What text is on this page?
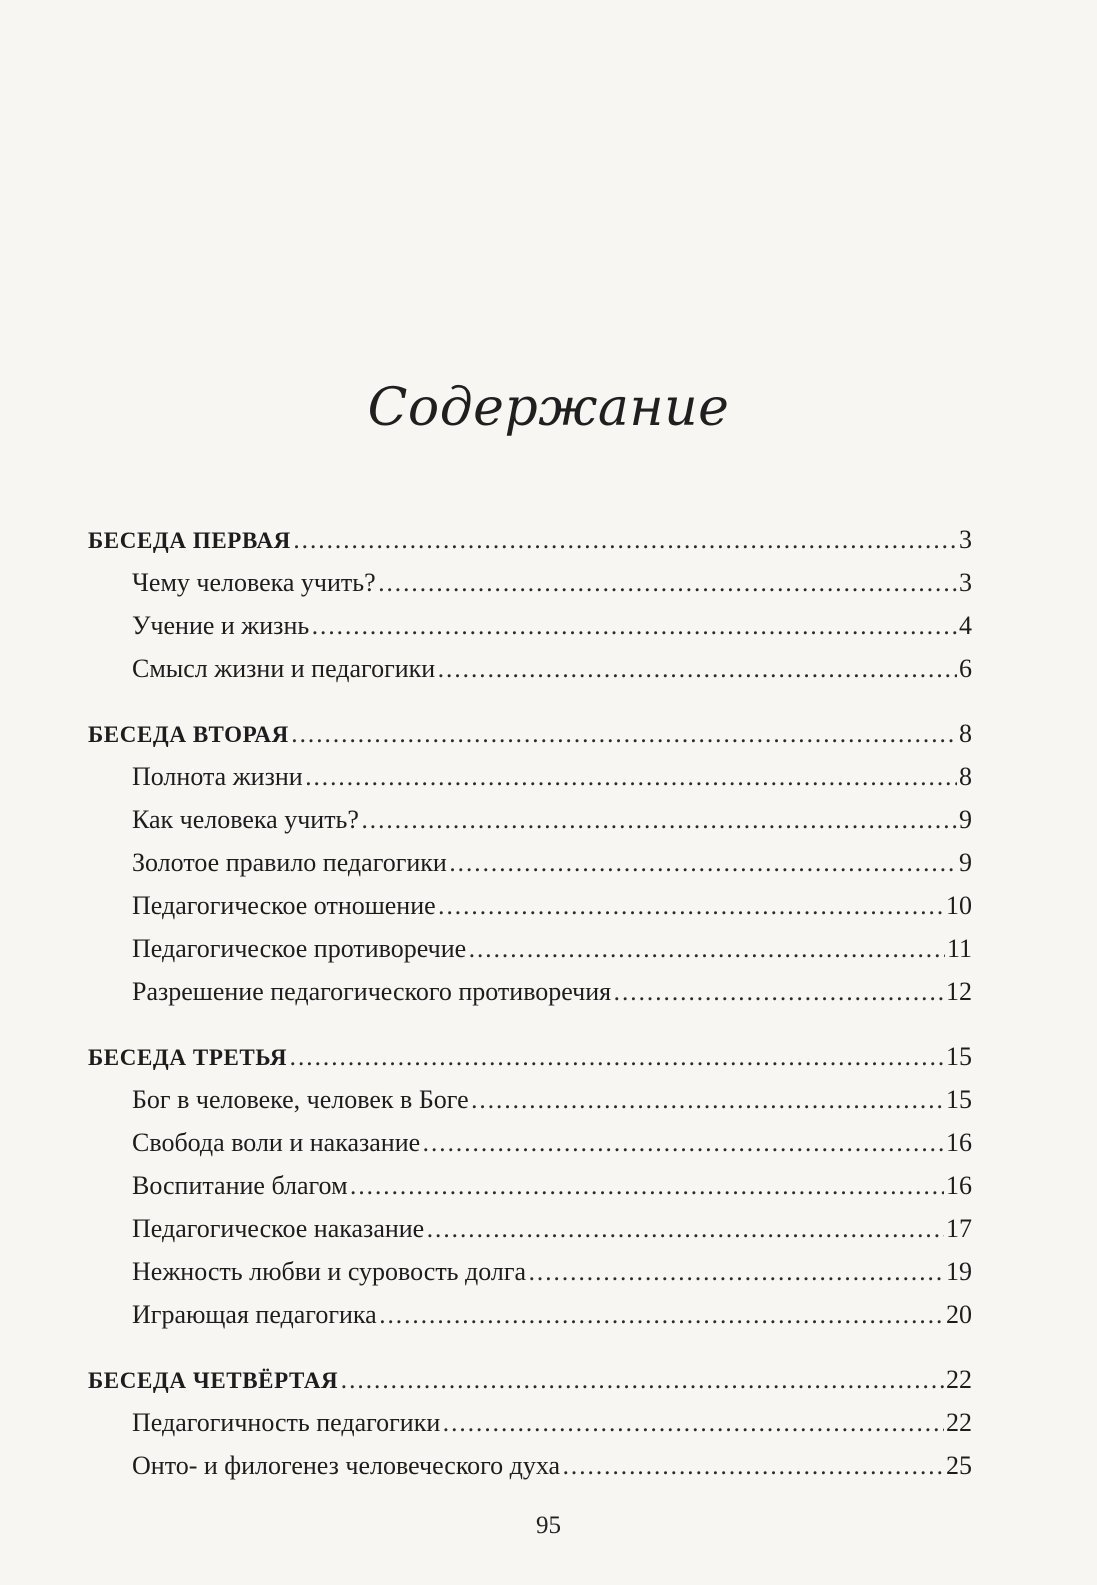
Содержание
БЕСЕДА ПЕРВАЯ .....	3
Чему человека учить? .....	3
Учение и жизнь .....	4
Смысл жизни и педагогики .....	6
БЕСЕДА ВТОРАЯ .....	8
Полнота жизни .....	8
Как человека учить? .....	9
Золотое правило педагогики .....	9
Педагогическое отношение .....	10
Педагогическое противоречие .....	11
Разрешение педагогического противоречия .....	12
БЕСЕДА ТРЕТЬЯ .....	15
Бог в человеке, человек в Боге .....	15
Свобода воли и наказание .....	16
Воспитание благом .....	16
Педагогическое наказание .....	17
Нежность любви и суровость долга .....	19
Играющая педагогика .....	20
БЕСЕДА ЧЕТВЁРТАЯ .....	22
Педагогичность педагогики .....	22
Онто- и филогенез человеческого духа .....	25
95
